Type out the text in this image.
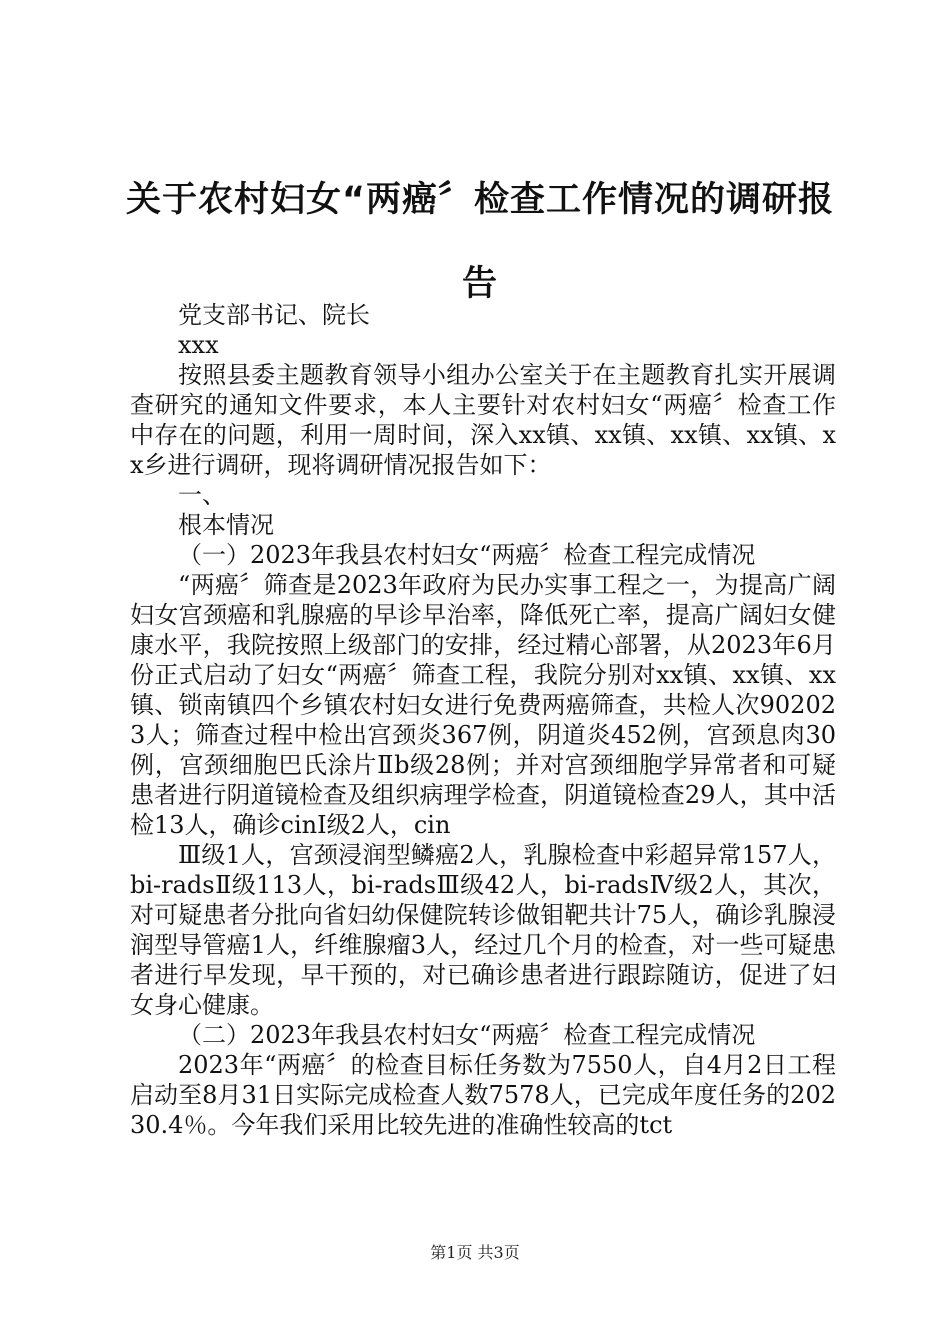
关于农村妇女“两癌〞检查工作情况的调研报告

党支部书记、院长

xxx

按照县委主题教育领导小组办公室关于在主题教育扎实开展调查研究的通知文件要求，本人主要针对农村妇女“两癌〞检查工作中存在的问题，利用一周时间，深入xx镇、xx镇、xx镇、xx镇、xx乡进行调研，现将调研情况报告如下：

一、

根本情况

（一）2023年我县农村妇女“两癌〞检查工程完成情况

“两癌〞筛查是2023年政府为民办实事工程之一，为提高广阔妇女宫颈癌和乳腺癌的早诊早治率，降低死亡率，提高广阔妇女健康水平，我院按照上级部门的安排，经过精心部署，从2023年6月份正式启动了妇女“两癌〞筛查工程，我院分别对xx镇、xx镇、xx镇、锁南镇四个乡镇农村妇女进行免费两癌筛查，共检人次902023人；筛查过程中检出宫颈炎367例，阴道炎452例，宫颈息肉30例，宫颈细胞巴氏涂片Ⅱb级28例；并对宫颈细胞学异常者和可疑患者进行阴道镜检查及组织病理学检查，阴道镜检查29人，其中活检13人，确诊cinⅠ级2人，cin

Ⅲ级1人，宫颈浸润型鳞癌2人，乳腺检查中彩超异常157人，bi-radsⅡ级113人，bi-radsⅢ级42人，bi-radsⅣ级2人，其次，对可疑患者分批向省妇幼保健院转诊做钼靶共计75人，确诊乳腺浸润型导管癌1人，纤维腺瘤3人，经过几个月的检查，对一些可疑患者进行早发现，早干预的，对已确诊患者进行跟踪随访，促进了妇女身心健康。

（二）2023年我县农村妇女“两癌〞检查工程完成情况

2023年“两癌〞的检查目标任务数为7550人，自4月2日工程启动至8月31日实际完成检查人数7578人，已完成年度任务的20230.4％。今年我们采用比较先进的准确性较高的tct

第1页 共3页
